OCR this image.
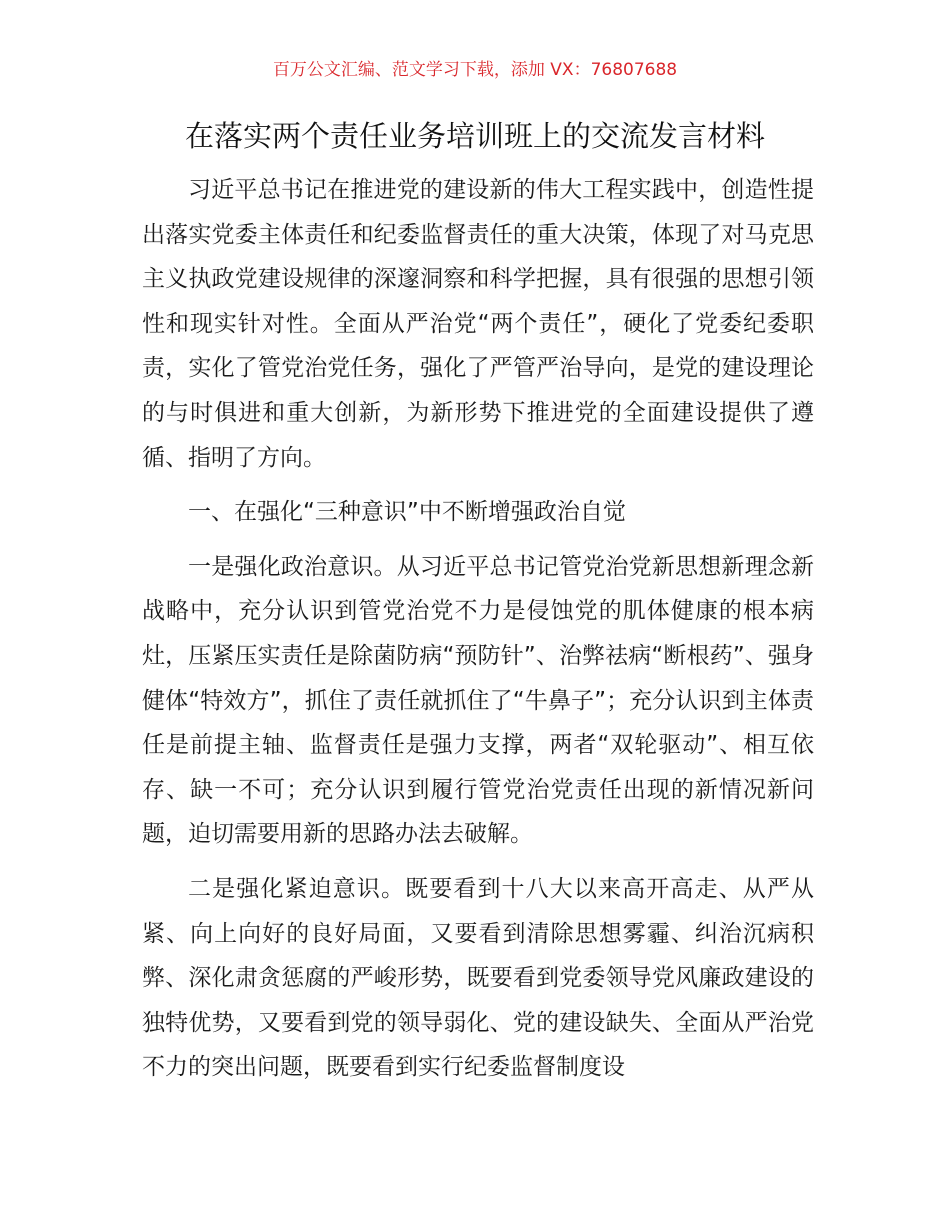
百万公文汇编、范文学习下载，添加 VX：76807688
在落实两个责任业务培训班上的交流发言材料

习近平总书记在推进党的建设新的伟大工程实践中，创造性提出落实党委主体责任和纪委监督责任的重大决策，体现了对马克思主义执政党建设规律的深邃洞察和科学把握，具有很强的思想引领性和现实针对性。全面从严治党“两个责任”，硬化了党委纪委职责，实化了管党治党任务，强化了严管严治导向，是党的建设理论的与时俱进和重大创新，为新形势下推进党的全面建设提供了遵循、指明了方向。

一、在强化“三种意识”中不断增强政治自觉

一是强化政治意识。从习近平总书记管党治党新思想新理念新战略中，充分认识到管党治党不力是侵蚀党的肌体健康的根本病灶，压紧压实责任是除菌防病“预防针”、治弊祛病“断根药”、强身健体“特效方”，抓住了责任就抓住了“牛鼻子”；充分认识到主体责任是前提主轴、监督责任是强力支撑，两者“双轮驱动”、相互依存、缺一不可；充分认识到履行管党治党责任出现的新情况新问题，迫切需要用新的思路办法去破解。

二是强化紧迫意识。既要看到十八大以来高开高走、从严从紧、向上向好的良好局面，又要看到清除思想雾霾、纠治沉病积弊、深化肃贪惩腐的严峻形势，既要看到党委领导党风廉政建设的独特优势，又要看到党的领导弱化、党的建设缺失、全面从严治党不力的突出问题，既要看到实行纪委监督制度设
